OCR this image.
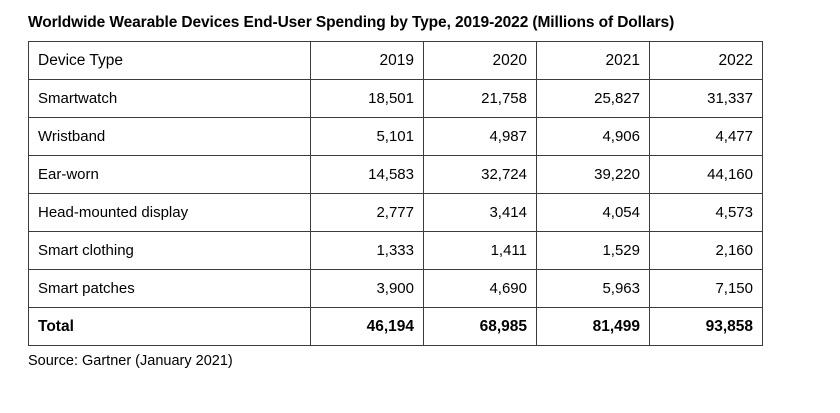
Worldwide Wearable Devices End-User Spending by Type, 2019-2022 (Millions of Dollars)
Device Type	2019	2020	2021	2022
Smartwatch	18,501	21,758	25,827	31,337
Wristband	5,101	4,987	4,906	4,477
Ear-worn	14,583	32,724	39,220	44,160
Head-mounted display	2,777	3,414	4,054	4,573
Smart clothing	1,333	1,411	1,529	2,160
Smart patches	3,900	4,690	5,963	7,150
Total	46,194	68,985	81,499	93,858
Source: Gartner (January 2021)
